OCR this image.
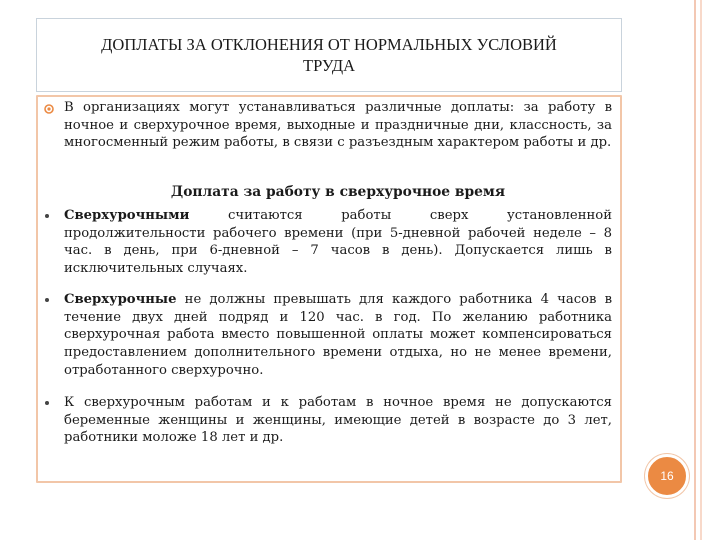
ДОПЛАТЫ ЗА ОТКЛОНЕНИЯ ОТ НОРМАЛЬНЫХ УСЛОВИЙ ТРУДА

В организациях могут устанавливаться различные доплаты: за работу в ночное и сверхурочное время, выходные и праздничные дни, классность, за многосменный режим работы, в связи с разъездным характером работы и др.

Доплата за работу в сверхурочное время

Сверхурочными считаются работы сверх установленной продолжительности рабочего времени (при 5-дневной рабочей неделе – 8 час. в день, при 6-дневной – 7 часов в день). Допускается лишь в исключительных случаях.

Сверхурочные не должны превышать для каждого работника 4 часов в течение двух дней подряд и 120 час. в год. По желанию работника сверхурочная работа вместо повышенной оплаты может компенсироваться предоставлением дополнительного времени отдыха, но не менее времени, отработанного сверхурочно.

К сверхурочным работам и к работам в ночное время не допускаются беременные женщины и женщины, имеющие детей в возрасте до 3 лет, работники моложе 18 лет и др.

16
